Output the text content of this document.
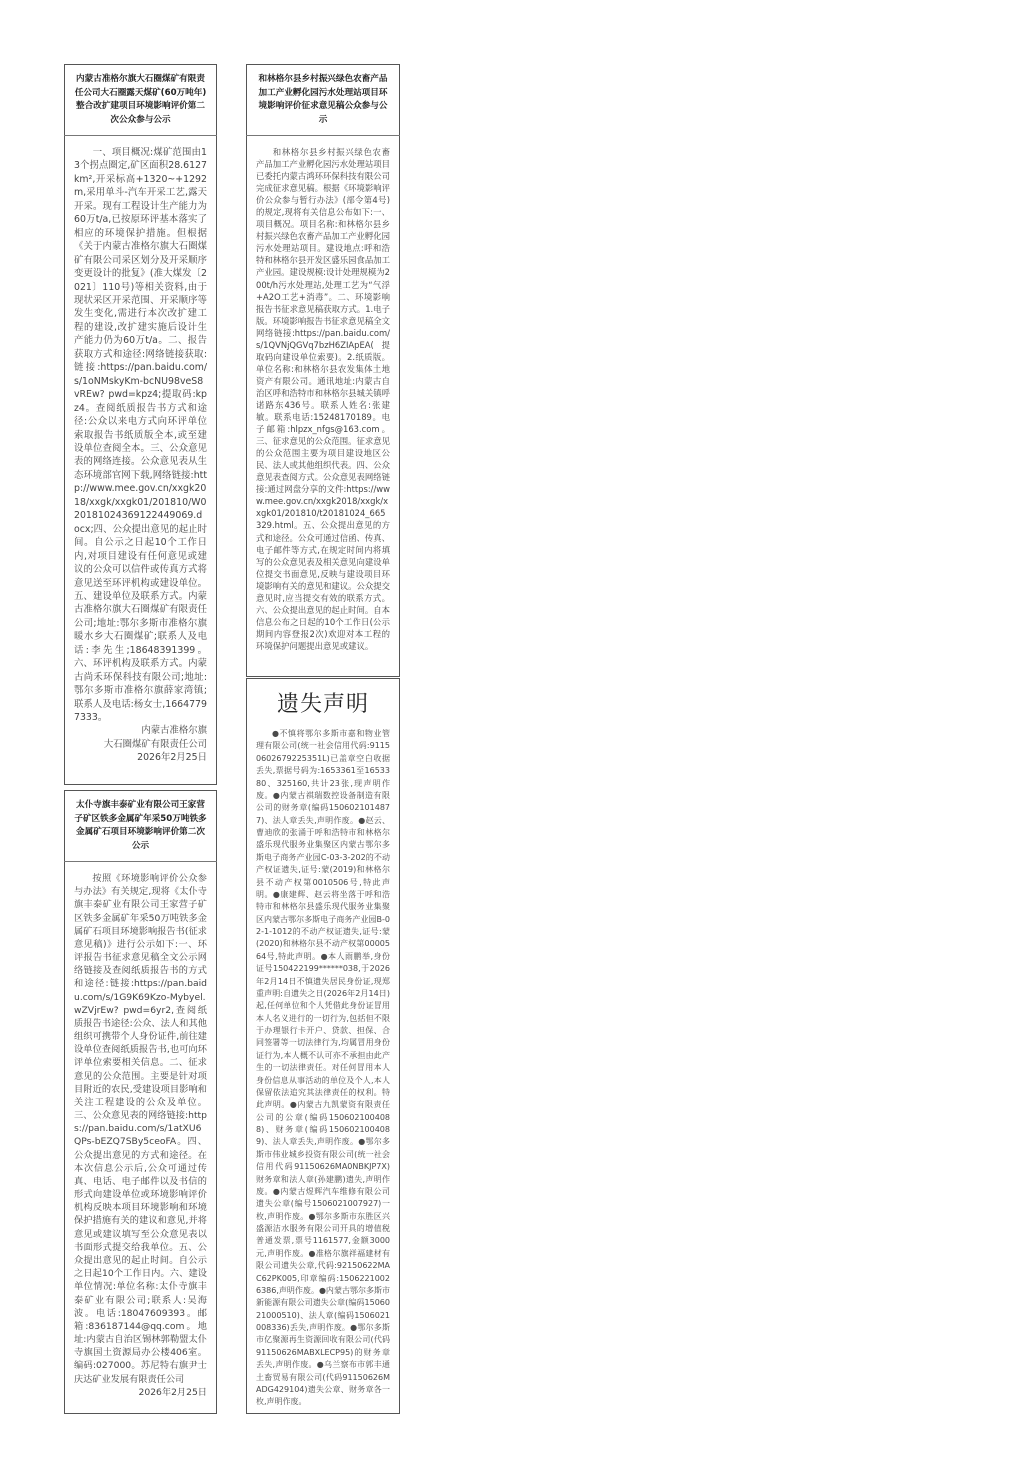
内蒙古准格尔旗大石圈煤矿有限责任公司大石圈露天煤矿(60万吨年)整合改扩建项目环境影响评价第二次公众参与公示

一、项目概况:煤矿范围由13个拐点圈定,矿区面积28.6127km²,开采标高+1320~+1292m,采用单斗-汽车开采工艺,露天开采。现有工程设计生产能力为60万t/a,已按原环评基本落实了相应的环境保护措施。但根据《关于内蒙古准格尔旗大石圈煤矿有限公司采区划分及开采顺序变更设计的批复》(准大煤发〔2021〕110号)等相关资料,由于现状采区开采范围、开采顺序等发生变化,需进行本次改扩建工程的建设,改扩建实施后设计生产能力仍为60万t/a。二、报告获取方式和途径:网络链接获取:链接:https://pan.baidu.com/s/1oNMskyKm-bcNU98veS8vREw? pwd=kpz4;提取码:kpz4。查阅纸质报告书方式和途径:公众以来电方式向环评单位索取报告书纸质版全本,或至建设单位查阅全本。三、公众意见表的网络连接。公众意见表从生态环境部官网下载,网络链接:http://www.mee.gov.cn/xxgk2018/xxgk/xxgk01/201810/W020181024369122449069.docx;四、公众提出意见的起止时间。自公示之日起10个工作日内,对项目建设有任何意见或建议的公众可以信件或传真方式将意见送至环评机构或建设单位。五、建设单位及联系方式。内蒙古准格尔旗大石圈煤矿有限责任公司;地址:鄂尔多斯市准格尔旗暖水乡大石圈煤矿;联系人及电话:李先生;18648391399。六、环评机构及联系方式。内蒙古尚禾环保科技有限公司;地址:鄂尔多斯市准格尔旗薛家湾镇;联系人及电话:杨女士,16647797333。

内蒙古准格尔旗

大石圈煤矿有限责任公司

2026年2月25日

太仆寺旗丰泰矿业有限公司王家营子矿区铁多金属矿年采50万吨铁多金属矿石项目环境影响评价第二次公示

按照《环境影响评价公众参与办法》有关规定,现将《太仆寺旗丰泰矿业有限公司王家营子矿区铁多金属矿年采50万吨铁多金属矿石项目环境影响报告书(征求意见稿)》进行公示如下:一、环评报告书征求意见稿全文公示网络链接及查阅纸质报告书的方式和途径:链接:https://pan.baidu.com/s/1G9K69Kzo-Mybyel.wZVjrEw? pwd=6yr2,查阅纸质报告书途径:公众、法人和其他组织可携带个人身份证件,前往建设单位查阅纸质报告书,也可向环评单位索要相关信息。二、征求意见的公众范围。主要是针对项目附近的农民,受建设项目影响和关注工程建设的公众及单位。三、公众意见表的网络链接:https://pan.baidu.com/s/1atXU6QPs-bEZQ7SBy5ceoFA。四、公众提出意见的方式和途径。在本次信息公示后,公众可通过传真、电话、电子邮件以及书信的形式向建设单位或环境影响评价机构反映本项目环境影响和环境保护措施有关的建议和意见,并将意见或建议填写至公众意见表以书面形式提交给我单位。五、公众提出意见的起止时间。自公示之日起10个工作日内。六、建设单位情况:单位名称:太仆寺旗丰泰矿业有限公司;联系人:吴海波。电话:18047609393。邮箱:836187144@qq.com。地址:内蒙古自治区锡林郭勒盟太仆寺旗国土资源局办公楼406室。编码:027000。苏尼特右旗尹士庆达矿业发展有限责任公司

2026年2月25日

和林格尔县乡村振兴绿色农畜产品加工产业孵化园污水处理站项目环境影响评价征求意见稿公众参与公示

和林格尔县乡村振兴绿色农畜产品加工产业孵化园污水处理站项目已委托内蒙古鸿环环保科技有限公司完成征求意见稿。根据《环境影响评价公众参与暂行办法》(部令第4号)的规定,现将有关信息公布如下:一、项目概况。项目名称:和林格尔县乡村振兴绿色农畜产品加工产业孵化园污水处理站项目。建设地点:呼和浩特和林格尔县开发区盛乐园食品加工产业园。建设规模:设计处理规模为200t/h污水处理站,处理工艺为“气浮+A2O工艺+消毒”。二、环境影响报告书征求意见稿获取方式。1.电子版。环境影响报告书征求意见稿全文网络链接:https://pan.baidu.com/s/1QVNjQGVq7bzH6ZIApEA(提取码向建设单位索要)。2.纸质版。单位名称:和林格尔县农发集体土地资产有限公司。通讯地址:内蒙古自治区呼和浩特市和林格尔县城关镇呼诺路东436号。联系人姓名:张建敏。联系电话:15248170189。电子邮箱:hlpzx_nfgs@163.com。三、征求意见的公众范围。征求意见的公众范围主要为项目建设地区公民、法人或其他组织代表。四、公众意见表查阅方式。公众意见表网络链接:通过网盘分享的文件:https://www.mee.gov.cn/xxgk2018/xxgk/xxgk01/201810/t20181024_665329.html。五、公众提出意见的方式和途径。公众可通过信函、传真、电子邮件等方式,在规定时间内将填写的公众意见表及相关意见向建设单位提交书面意见,反映与建设项目环境影响有关的意见和建议。公众提交意见时,应当提交有效的联系方式。六、公众提出意见的起止时间。自本信息公布之日起的10个工作日(公示期间内容登报2次)欢迎对本工程的环境保护问题提出意见或建议。

遗失声明

●不慎将鄂尔多斯市嘉和物业管理有限公司(统一社会信用代码:91150602679225351L)已盖章空白收据丢失,票据号码为:1653361至1653380、325160,共计23张,现声明作废。●内蒙古祺瑞数控设备制造有限公司的财务章(编码1506021014877)、法人章丢失,声明作废。●赵云、曹迪欣的张涌于呼和浩特市和林格尔盛乐现代服务业集聚区内蒙古鄂尔多斯电子商务产业园C-03-3-202的不动产权证遗失,证号:蒙(2019)和林格尔县不动产权第0010506号,特此声明。●康建辉、赵云将坐落于呼和浩特市和林格尔县盛乐现代服务业集聚区内蒙古鄂尔多斯电子商务产业园B-02-1-1012的不动产权证遗失,证号:蒙(2020)和林格尔县不动产权第0000564号,特此声明。●本人雨鹏举,身份证号150422199******038,于2026年2月14日不慎遗失居民身份证,现郑重声明:自遗失之日(2026年2月14日)起,任何单位和个人凭借此身份证冒用本人名义进行的一切行为,包括但不限于办理银行卡开户、贷款、担保、合同签署等一切法律行为,均属冒用身份证行为,本人概不认可亦不承担由此产生的一切法律责任。对任何冒用本人身份信息从事活动的单位及个人,本人保留依法追究其法律责任的权利。特此声明。●内蒙古九凯蒙资有限责任公司的公章(编码1506021004088)、财务章(编码1506021004089)、法人章丢失,声明作废。●鄂尔多斯市伟业城乡投资有限公司(统一社会信用代码91150626MA0NBKJP7X)财务章和法人章(孙建鹏)遗失,声明作废。●内蒙古煜辉汽车维修有限公司遗失公章(编号1506021007927)一枚,声明作废。●鄂尔多斯市东胜区兴盛源洁水服务有限公司开具的增值税普通发票,票号1161577,金额3000元,声明作废。●准格尔旗祥福建材有限公司遗失公章,代码:92150622MAC62PK005,印章编码:15062210026386,声明作废。●内蒙古鄂尔多斯市新能源有限公司遗失公章(编码1506021000510)、法人章(编码1506021008336)丢失,声明作废。●鄂尔多斯市亿聚源再生资源回收有限公司(代码91150626MABXLECP95)的财务章丢失,声明作废。●乌兰察布市郭丰通土畜贸易有限公司(代码91150626MADG429104)遗失公章、财务章各一枚,声明作废。
